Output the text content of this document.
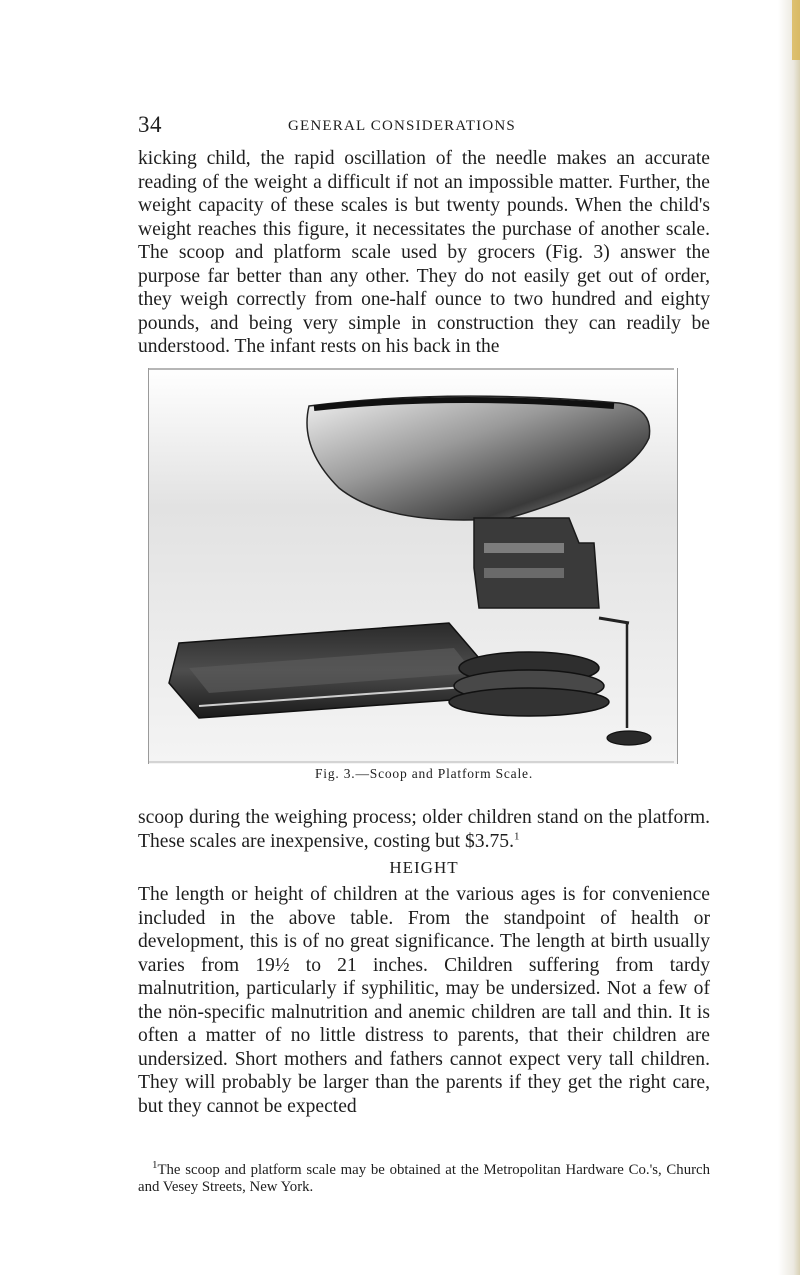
34	GENERAL CONSIDERATIONS

kicking child, the rapid oscillation of the needle makes an accurate reading of the weight a difficult if not an impossible matter. Further, the weight capacity of these scales is but twenty pounds. When the child's weight reaches this figure, it necessitates the purchase of another scale. The scoop and platform scale used by grocers (Fig. 3) answer the purpose far better than any other. They do not easily get out of order, they weigh correctly from one-half ounce to two hundred and eighty pounds, and being very simple in construction they can readily be understood. The infant rests on his back in the

Fig. 3.—Scoop and Platform Scale.

scoop during the weighing process; older children stand on the platform. These scales are inexpensive, costing but $3.75.$^1$

HEIGHT

The length or height of children at the various ages is for convenience included in the above table. From the standpoint of health or development, this is of no great significance. The length at birth usually varies from 19½ to 21 inches. Children suffering from tardy malnutrition, particularly if syphilitic, may be undersized. Not a few of the nön-specific malnutrition and anemic children are tall and thin. It is often a matter of no little distress to parents, that their children are undersized. Short mothers and fathers cannot expect very tall children. They will probably be larger than the parents if they get the right care, but they cannot be expected

$^1$The scoop and platform scale may be obtained at the Metropolitan Hardware Co.'s, Church and Vesey Streets, New York.
